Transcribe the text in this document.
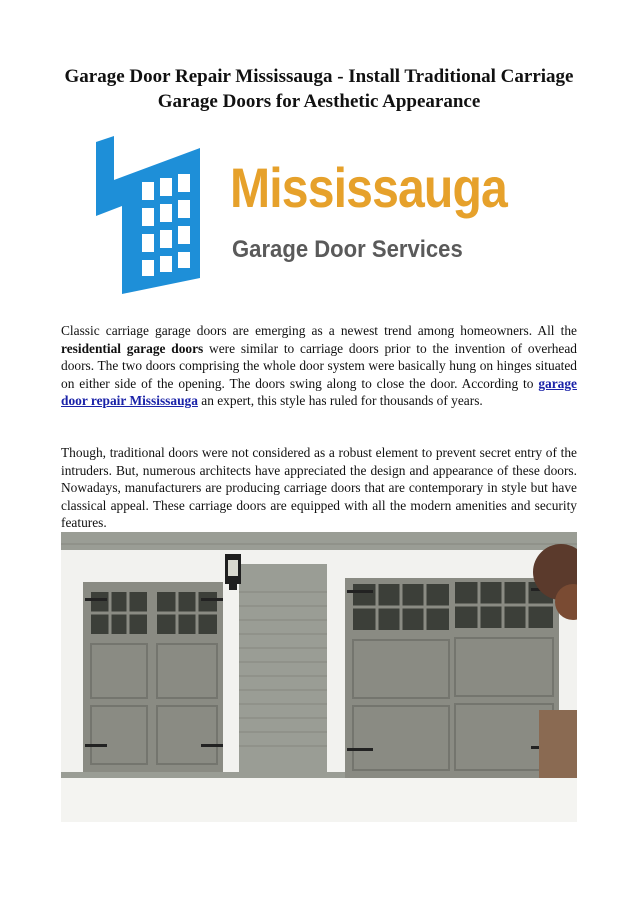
Garage Door Repair Mississauga - Install Traditional Carriage Garage Doors for Aesthetic Appearance
Mississauga
Garage Door Services
Classic carriage garage doors are emerging as a newest trend among homeowners. All the residential garage doors were similar to carriage doors prior to the invention of overhead doors. The two doors comprising the whole door system were basically hung on hinges situated on either side of the opening. The doors swing along to close the door. According to garage door repair Mississauga an expert, this style has ruled for thousands of years.
Though, traditional doors were not considered as a robust element to prevent secret entry of the intruders. But, numerous architects have appreciated the design and appearance of these doors. Nowadays, manufacturers are producing carriage doors that are contemporary in style but have classical appeal. These carriage doors are equipped with all the modern amenities and security features.
